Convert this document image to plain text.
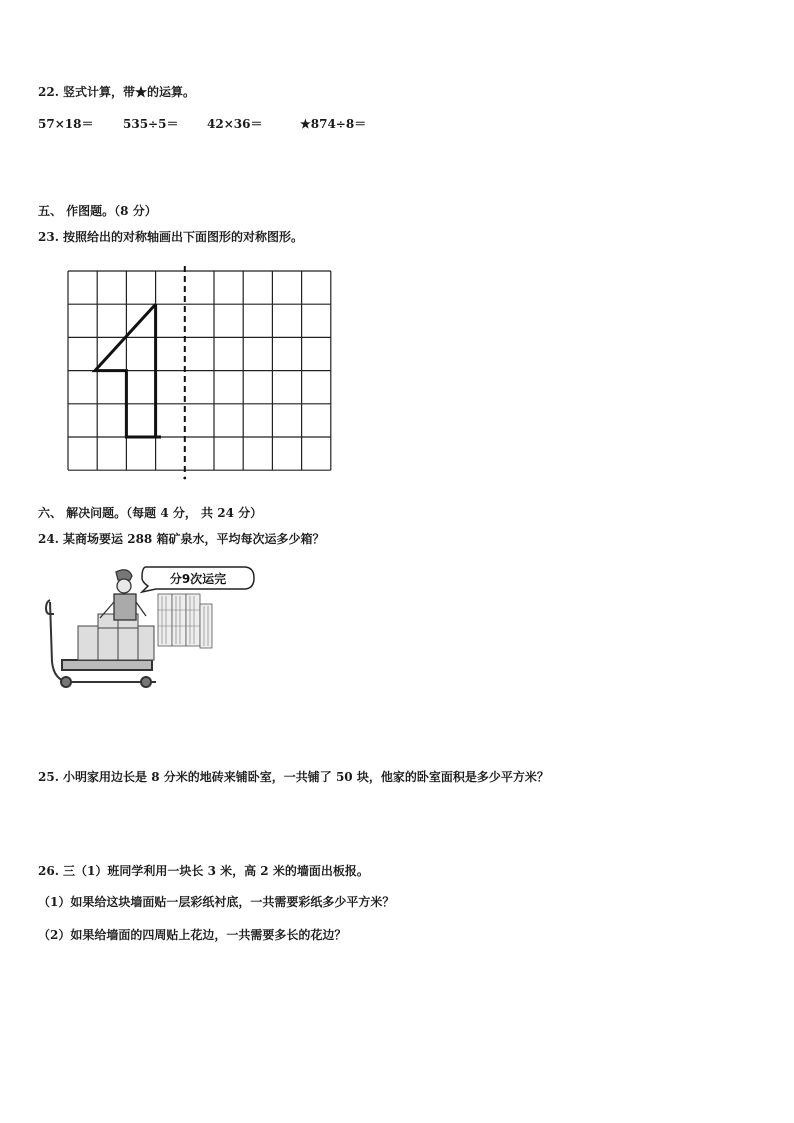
22. 竖式计算，带★的运算。
57×18＝ 535÷5＝ 42×36＝	★874÷8＝
五、 作图题。（8 分）
23. 按照给出的对称轴画出下面图形的对称图形。
六、 解决问题。（每题 4 分， 共 24 分）
24. 某商场要运 288 箱矿泉水，平均每次运多少箱？
分9次运完
25. 小明家用边长是 8 分米的地砖来铺卧室，一共铺了 50 块，他家的卧室面积是多少平方米？
26. 三（1）班同学利用一块长 3 米，高 2 米的墙面出板报。
（1）如果给这块墙面贴一层彩纸衬底，一共需要彩纸多少平方米？
（2）如果给墙面的四周贴上花边，一共需要多长的花边？
